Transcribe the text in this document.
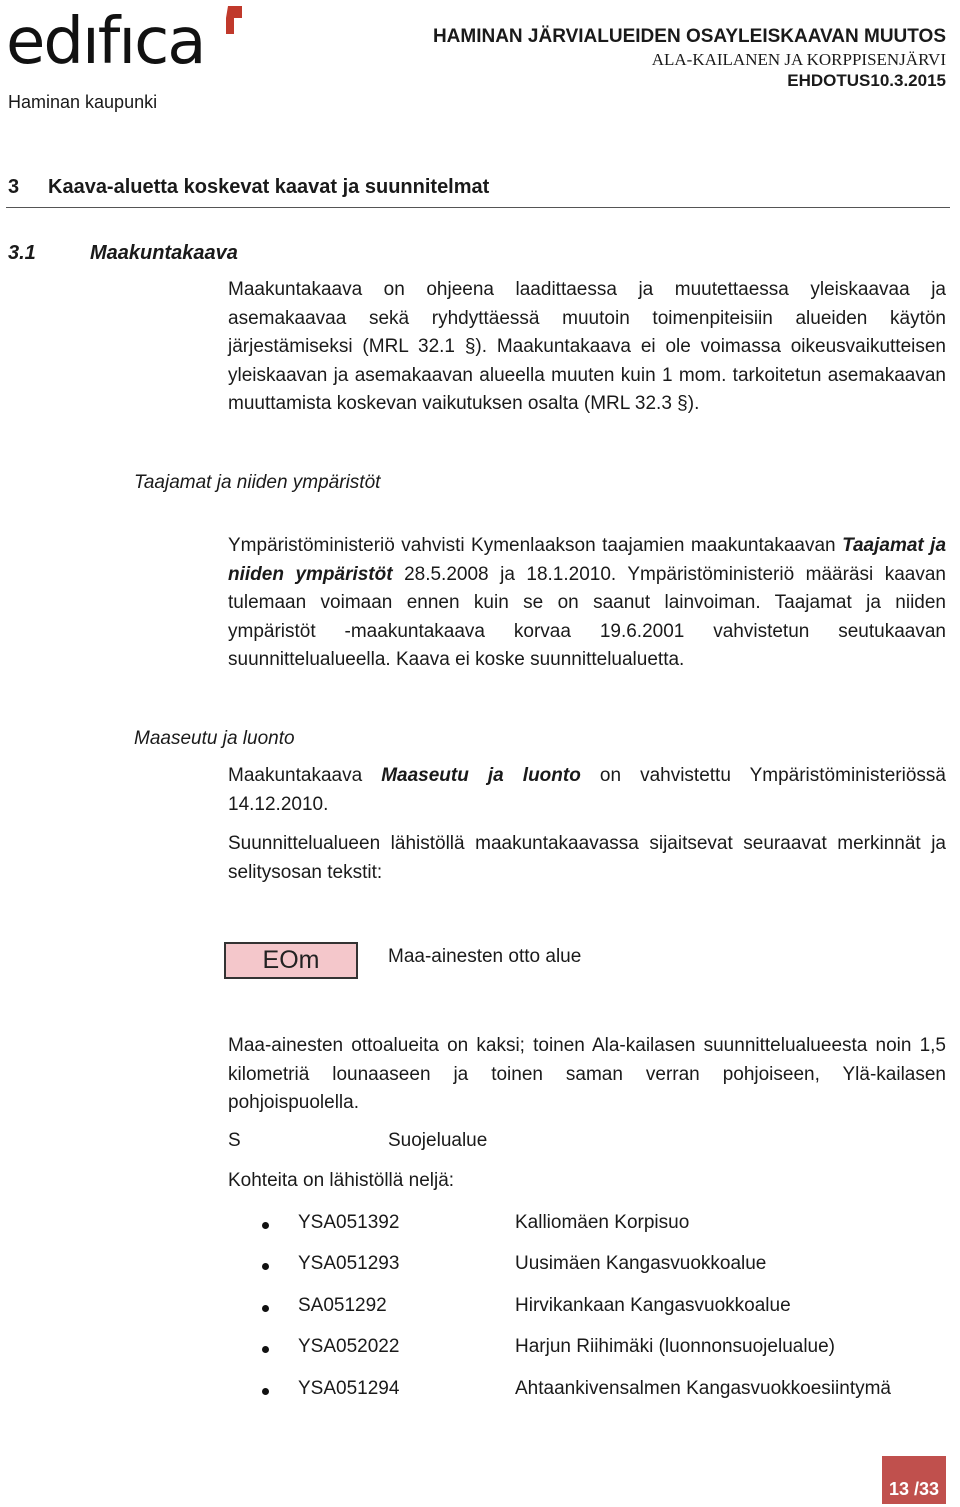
edıfıca
Haminan kaupunki
HAMINAN JÄRVIALUEIDEN OSAYLEISKAAVAN MUUTOS
ALA-KAILANEN JA KORPPISENJÄRVI
EHDOTUS10.3.2015
3 Kaava-aluetta koskevat kaavat ja suunnitelmat
3.1	Maakuntakaava
Maakuntakaava on ohjeena laadittaessa ja muutettaessa yleiskaavaa ja asemakaavaa sekä ryhdyttäessä muutoin toimenpiteisiin alueiden käytön järjestämiseksi (MRL 32.1 §). Maakuntakaava ei ole voimassa oikeusvaikutteisen yleiskaavan ja asemakaavan alueella muuten kuin 1 mom. tarkoitetun asemakaavan muuttamista koskevan vaikutuksen osalta (MRL 32.3 §).
Taajamat ja niiden ympäristöt
Ympäristöministeriö vahvisti Kymenlaakson taajamien maakuntakaavan Taajamat ja niiden ympäristöt 28.5.2008 ja 18.1.2010. Ympäristöministeriö määräsi kaavan tulemaan voimaan ennen kuin se on saanut lainvoiman. Taajamat ja niiden ympäristöt -maakuntakaava korvaa 19.6.2001 vahvistetun seutukaavan suunnittelualueella. Kaava ei koske suunnittelualuetta.
Maaseutu ja luonto
Maakuntakaava Maaseutu ja luonto on vahvistettu Ympäristöministeriössä 14.12.2010.
Suunnittelualueen lähistöllä maakuntakaavassa sijaitsevat seuraavat merkinnät ja selitysosan tekstit:
EOm	Maa-ainesten otto alue
Maa-ainesten ottoalueita on kaksi; toinen Ala-kailasen suunnittelualueesta noin 1,5 kilometriä lounaaseen ja toinen saman verran pohjoiseen, Ylä-kailasen pohjoispuolella.
S	Suojelualue
Kohteita on lähistöllä neljä:
YSA051392	Kalliomäen Korpisuo
YSA051293	Uusimäen Kangasvuokkoalue
SA051292	Hirvikankaan Kangasvuokkoalue
YSA052022	Harjun Riihimäki (luonnonsuojelualue)
YSA051294	Ahtaankivensalmen Kangasvuokkoesiintymä
13 /33
